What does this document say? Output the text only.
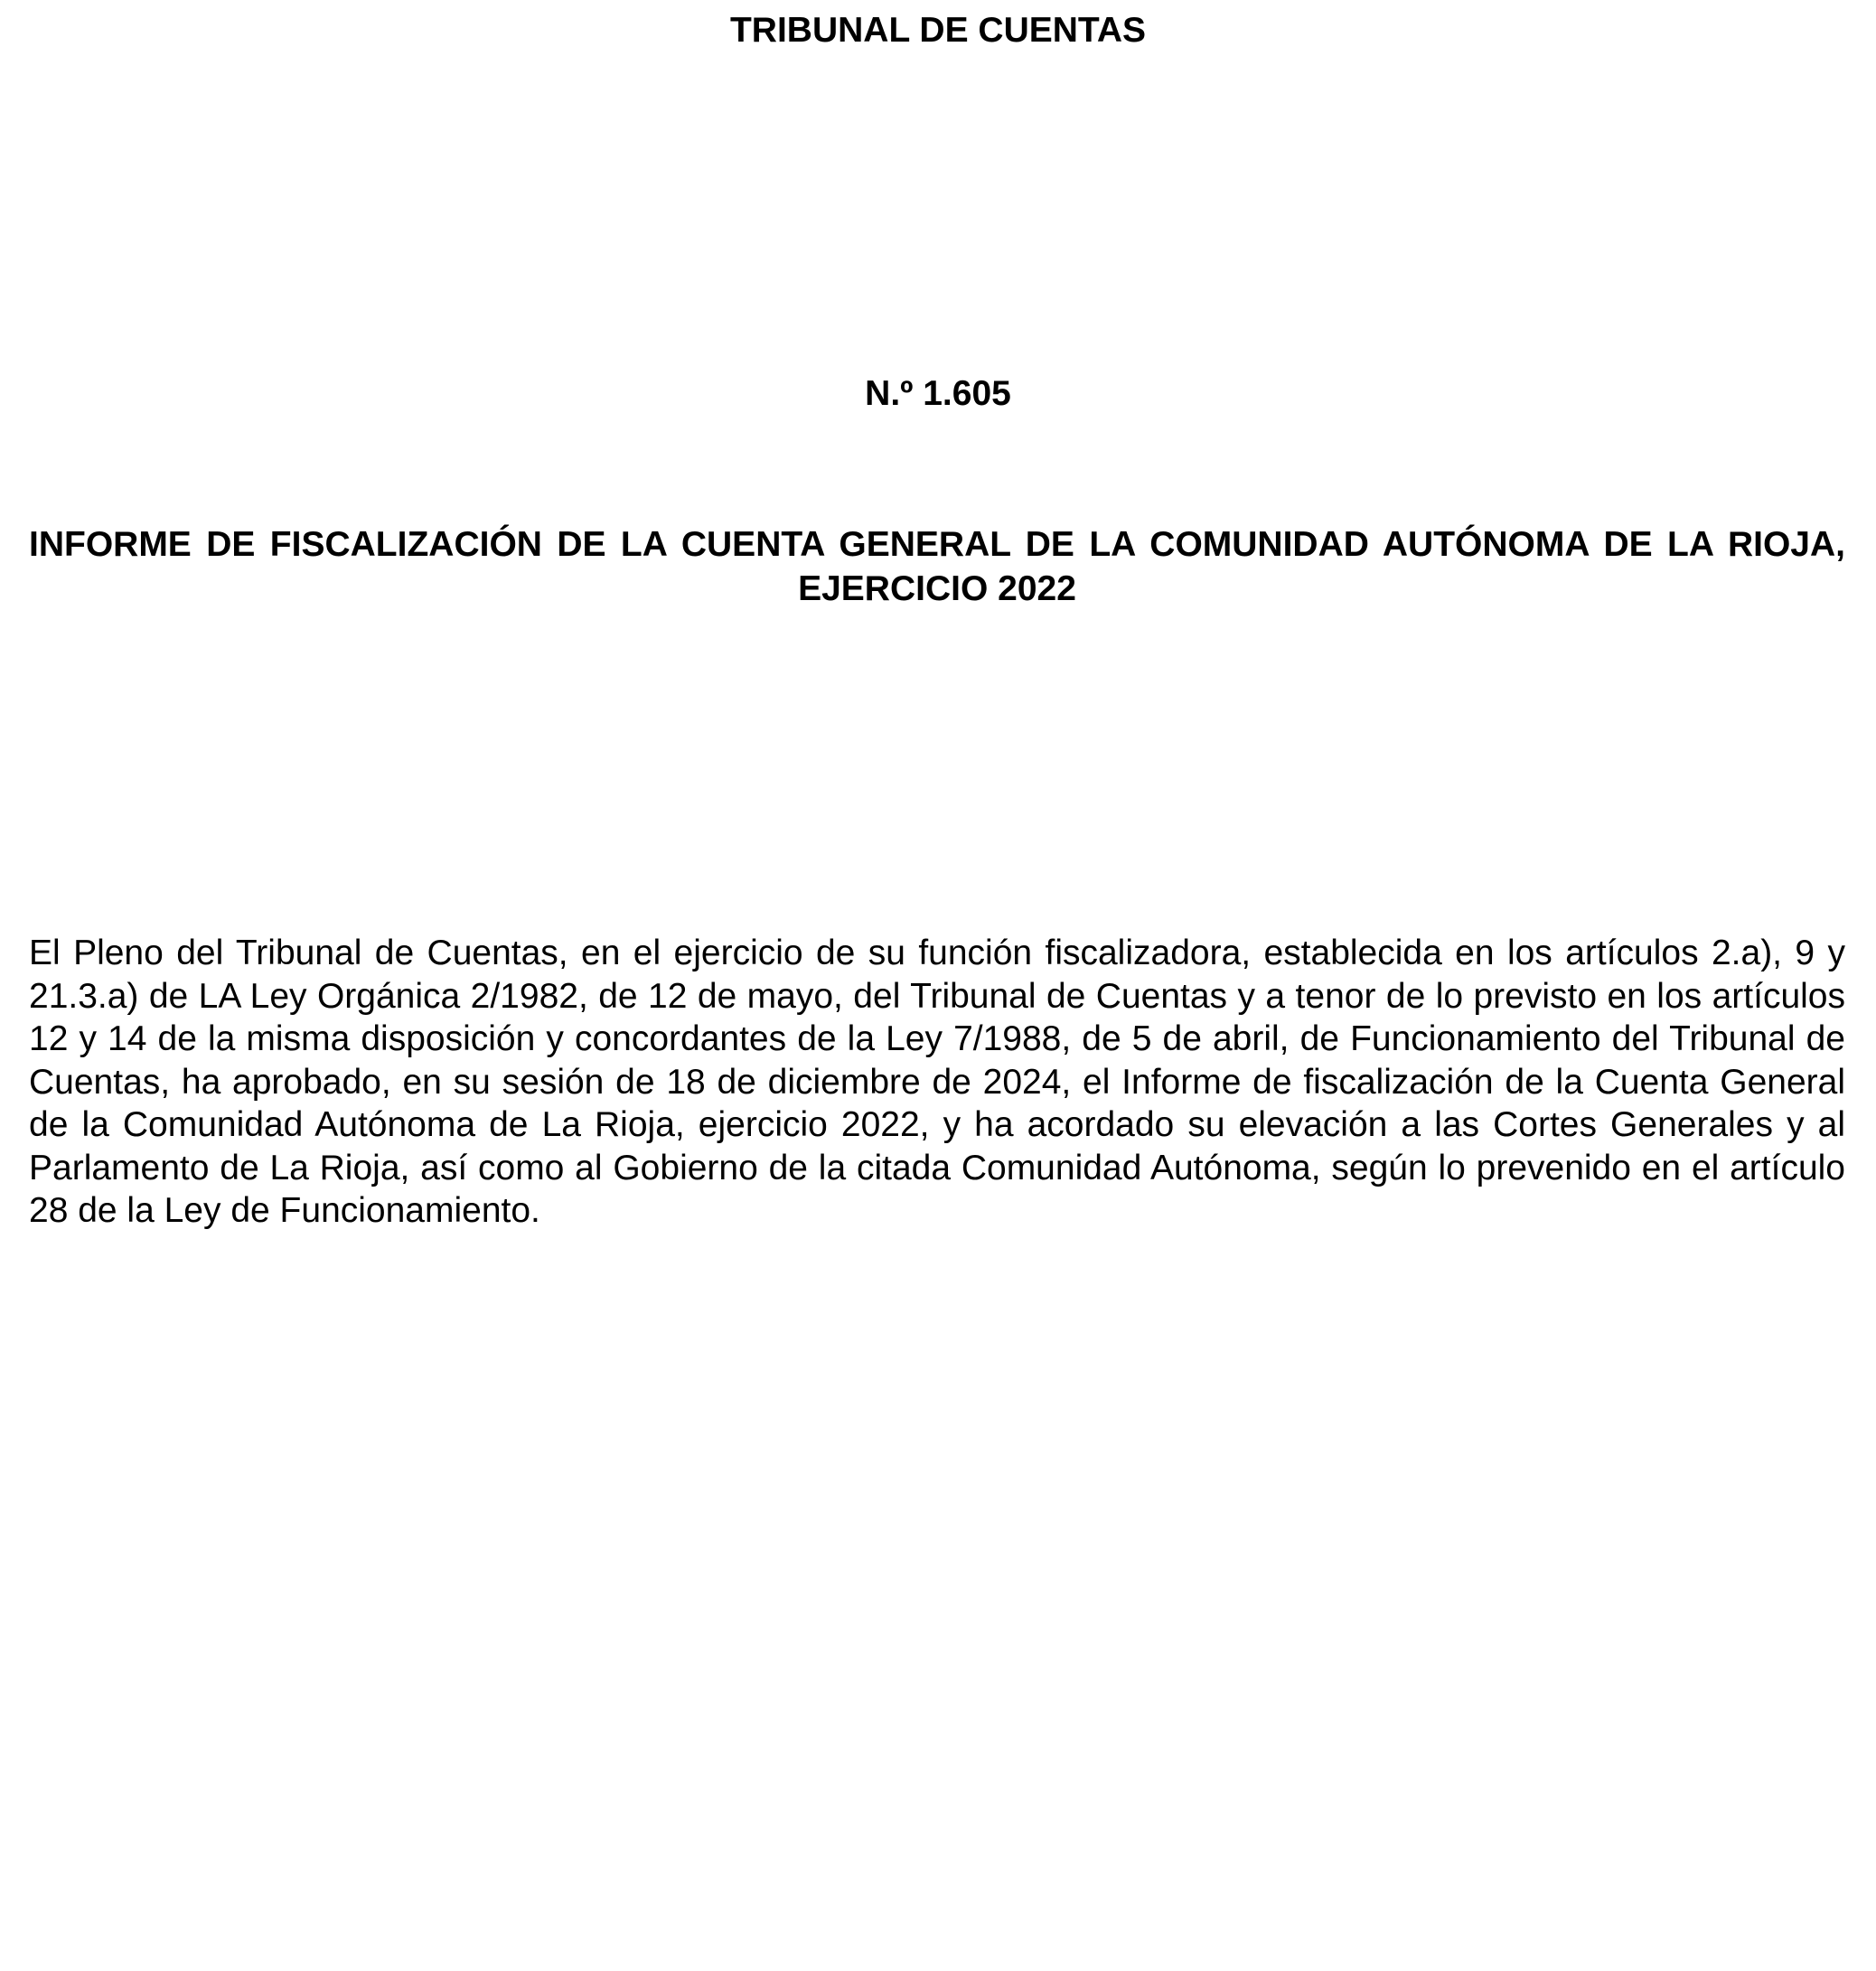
TRIBUNAL DE CUENTAS
N.º 1.605
INFORME DE FISCALIZACIÓN DE LA CUENTA GENERAL DE LA COMUNIDAD AUTÓNOMA DE LA RIOJA, EJERCICIO 2022
El Pleno del Tribunal de Cuentas, en el ejercicio de su función fiscalizadora, establecida en los artículos 2.a), 9 y 21.3.a) de LA Ley Orgánica 2/1982, de 12 de mayo, del Tribunal de Cuentas y a tenor de lo previsto en los artículos 12 y 14 de la misma disposición y concordantes de la Ley 7/1988, de 5 de abril, de Funcionamiento del Tribunal de Cuentas, ha aprobado, en su sesión de 18 de diciembre de 2024, el Informe de fiscalización de la Cuenta General de la Comunidad Autónoma de La Rioja, ejercicio 2022, y ha acordado su elevación a las Cortes Generales y al Parlamento de La Rioja, así como al Gobierno de la citada Comunidad Autónoma, según lo prevenido en el artículo 28 de la Ley de Funcionamiento.
